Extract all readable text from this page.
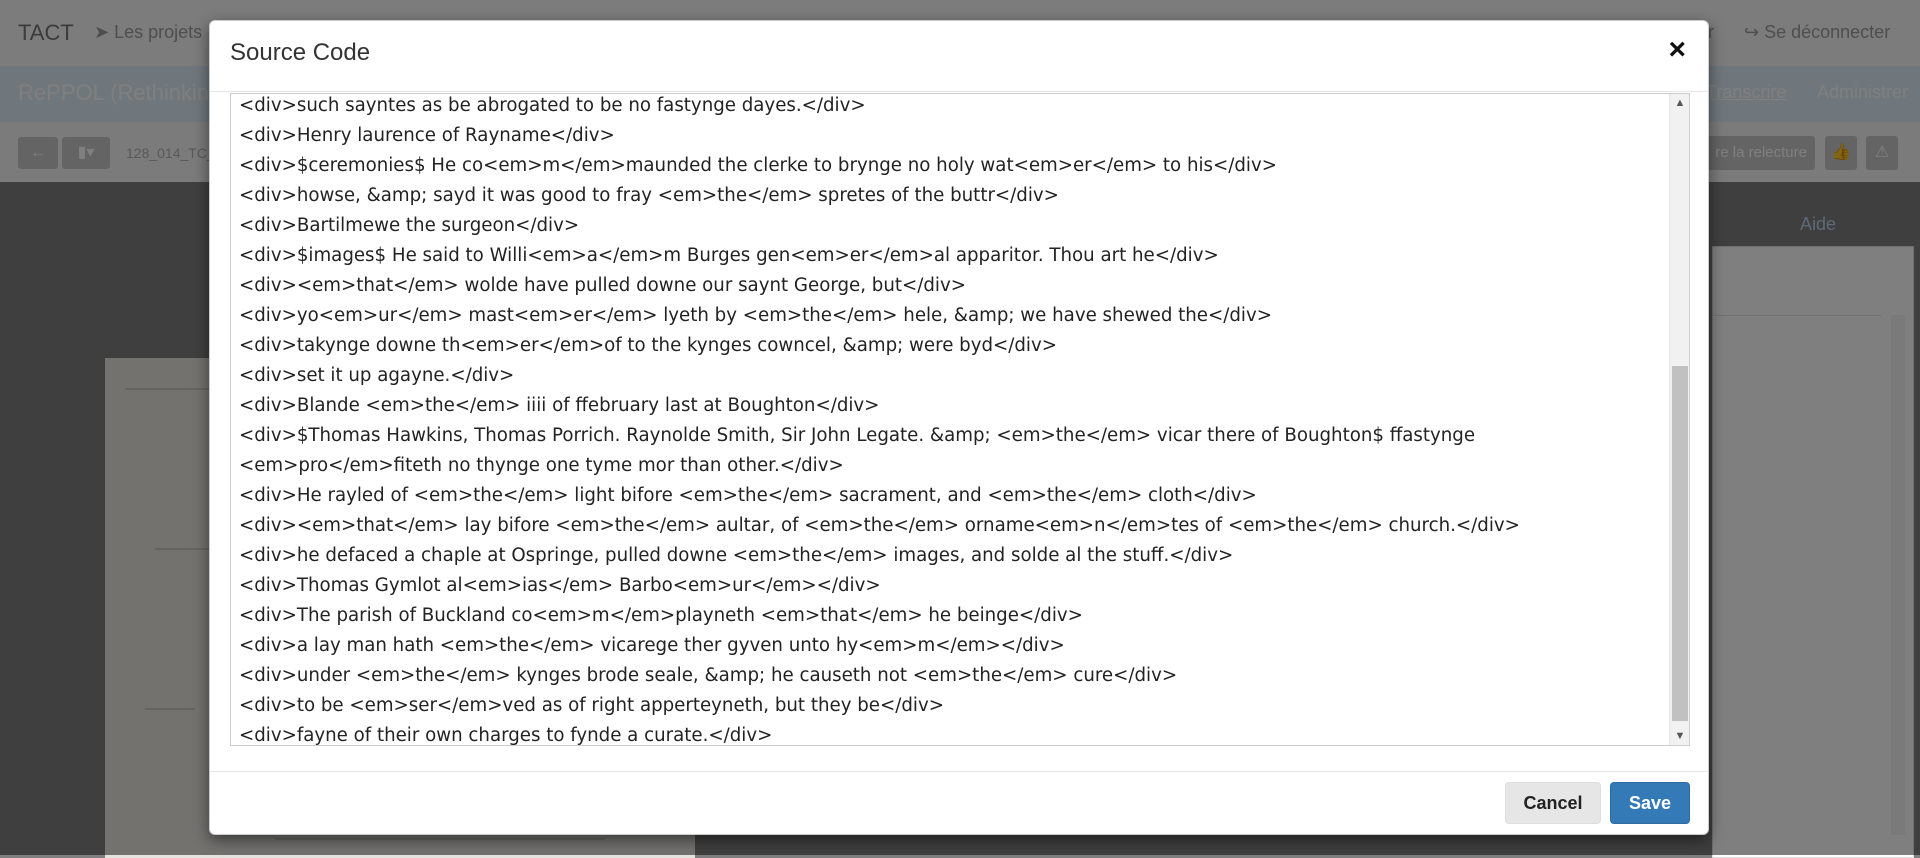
Source Code	×
<div>such sayntes as be abrogated to be no fastynge dayes.</div>
<div>Henry laurence of Rayname</div>
<div>$ceremonies$ He co<em>m</em>maunded the clerke to brynge no holy wat<em>er</em> to his</div>
<div>howse, &amp; sayd it was good to fray <em>the</em> spretes of the buttr</div>
<div>Bartilmewe the surgeon</div>
<div>$images$ He said to Willi<em>a</em>m Burges gen<em>er</em>al apparitor. Thou art he</div>
<div><em>that</em> wolde have pulled downe our saynt George, but</div>
<div>yo<em>ur</em> mast<em>er</em> lyeth by <em>the</em> hele, &amp; we have shewed the</div>
<div>takynge downe th<em>er</em>of to the kynges cowncel, &amp; were byd</div>
<div>set it up agayne.</div>
<div>Blande <em>the</em> iiii of ffebruary last at Boughton</div>
<div>$Thomas Hawkins, Thomas Porrich. Raynolde Smith, Sir John Legate. &amp; <em>the</em> vicar there of Boughton$ ffastynge <em>pro</em>fiteth no thynge one tyme mor than other.</div>
<div>He rayled of <em>the</em> light bifore <em>the</em> sacrament, and <em>the</em> cloth</div>
<div><em>that</em> lay bifore <em>the</em> aultar, of <em>the</em> orname<em>n</em>tes of <em>the</em> church.</div>
<div>he defaced a chaple at Ospringe, pulled downe <em>the</em> images, and solde al the stuff.</div>
<div>Thomas Gymlot al<em>ias</em> Barbo<em>ur</em></div>
<div>The parish of Buckland co<em>m</em>playneth <em>that</em> he beinge</div>
<div>a lay man hath <em>the</em> vicarege ther gyven unto hy<em>m</em></div>
<div>under <em>the</em> kynges brode seale, &amp; he causeth not <em>the</em> cure</div>
<div>to be <em>ser</em>ved as of right apperteyneth, but they be</div>
<div>fayne of their own charges to fynde a curate.</div>
▲
▼
Cancel	Save
